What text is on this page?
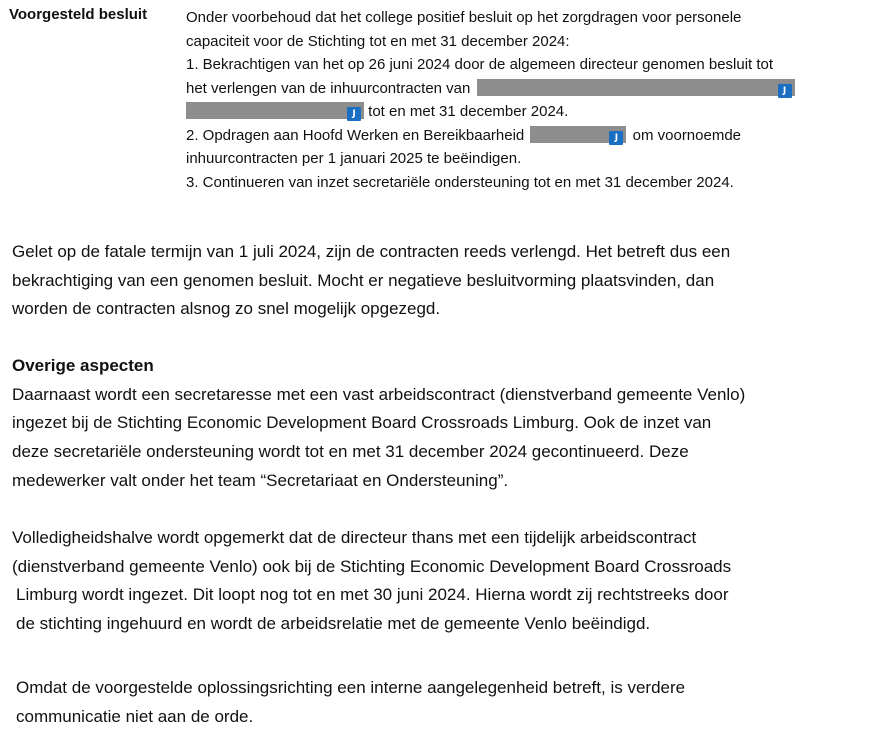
Voorgesteld besluit	Onder voorbehoud dat het college positief besluit op het zorgdragen voor personele
capaciteit voor de Stichting tot en met 31 december 2024:
1. Bekrachtigen van het op 26 juni 2024 door de algemeen directeur genomen besluit tot
het verlengen van de inhuurcontracten van	J
J tot en met 31 december 2024.
2. Opdragen aan Hoofd Werken en Bereikbaarheid	J om voornoemde
inhuurcontracten per 1 januari 2025 te beëindigen.
3. Continueren van inzet secretariële ondersteuning tot en met 31 december 2024.
Gelet op de fatale termijn van 1 juli 2024, zijn de contracten reeds verlengd. Het betreft dus een
bekrachtiging van een genomen besluit. Mocht er negatieve besluitvorming plaatsvinden, dan
worden de contracten alsnog zo snel mogelijk opgezegd.
Overige aspecten
Daarnaast wordt een secretaresse met een vast arbeidscontract (dienstverband gemeente Venlo)
ingezet bij de Stichting Economic Development Board Crossroads Limburg. Ook de inzet van
deze secretariële ondersteuning wordt tot en met 31 december 2024 gecontinueerd. Deze
medewerker valt onder het team “Secretariaat en Ondersteuning”.
Volledigheidshalve wordt opgemerkt dat de directeur thans met een tijdelijk arbeidscontract
(dienstverband gemeente Venlo) ook bij de Stichting Economic Development Board Crossroads
Limburg wordt ingezet. Dit loopt nog tot en met 30 juni 2024. Hierna wordt zij rechtstreeks door
de stichting ingehuurd en wordt de arbeidsrelatie met de gemeente Venlo beëindigd.
Omdat de voorgestelde oplossingsrichting een interne aangelegenheid betreft, is verdere
communicatie niet aan de orde.
